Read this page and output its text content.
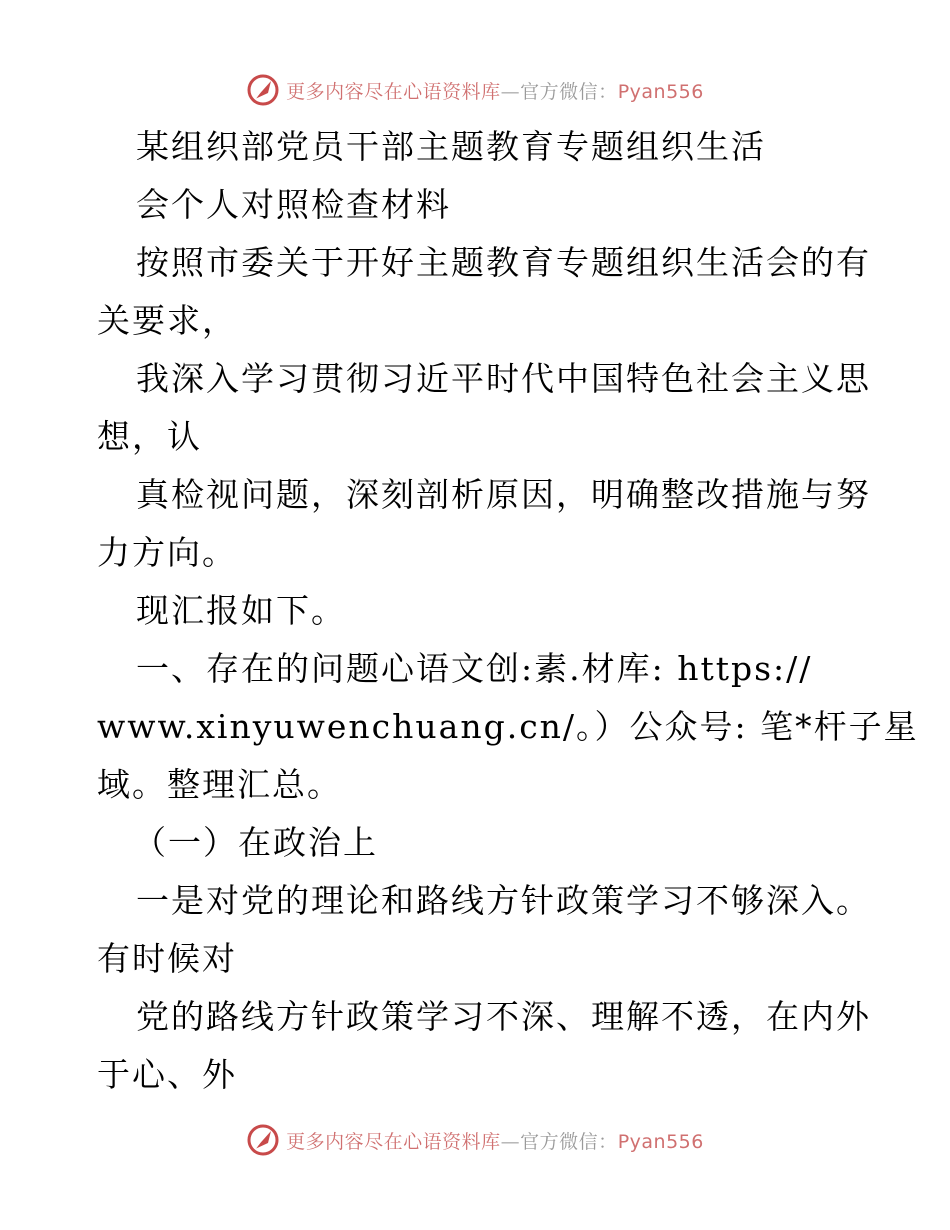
更多内容尽在心语资料库—官方微信：Pyan556
某组织部党员干部主题教育专题组织生活
会个人对照检查材料
按照市委关于开好主题教育专题组织生活会的有
关要求，
我深入学习贯彻习近平时代中国特色社会主义思
想，认
真检视问题，深刻剖析原因，明确整改措施与努
力方向。
现汇报如下。
一、存在的问题心语文创:素.材库: https://
www.xinyuwenchuang.cn/。）公众号: 笔*杆子星
域。整理汇总。
（一）在政治上
一是对党的理论和路线方针政策学习不够深入。
有时候对
党的路线方针政策学习不深、理解不透，在内外
于心、外
更多内容尽在心语资料库—官方微信：Pyan556
